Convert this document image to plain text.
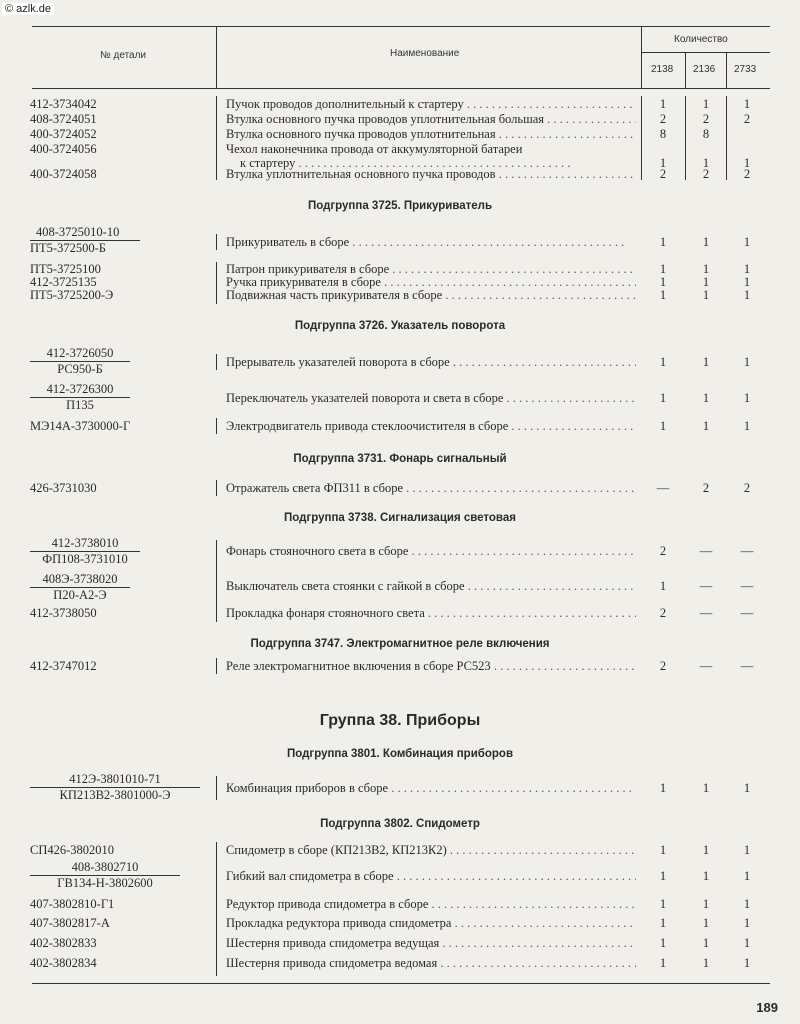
© azlk.de
№ детали	Наименование
Количество
2138 2136 2733
412-3734042	Пучок проводов дополнительный к стартеру . . .	1	1	1
408-3724051	Втулка основного пучка проводов уплотнительная большая . . .	2	2	2
400-3724052	Втулка основного пучка проводов уплотнительная . . .	8	8
400-3724056	Чехол наконечника провода от аккумуляторной батареи
к стартеру . . .	1	1	1
400-3724058	Втулка уплотнительная основного пучка проводов . . .	2	2	2
Подгруппа 3725. Прикуриватель
408-3725010-10
ПТ5-372500-Б	Прикуриватель в сборе . . .	1	1	1
ПТ5-3725100	Патрон прикуривателя в сборе . . .	1	1	1
412-3725135	Ручка прикуривателя в сборе . . .	1	1	1
ПТ5-3725200-Э	Подвижная часть прикуривателя в сборе . . .	1	1	1
Подгруппа 3726. Указатель поворота
412-3726050
РС950-Б	Прерыватель указателей поворота в сборе . . .	1	1	1
412-3726300
П135	Переключатель указателей поворота и света в сборе . . .	1	1	1
МЭ14А-3730000-Г	Электродвигатель привода стеклоочистителя в сборе . . .	1	1	1
Подгруппа 3731. Фонарь сигнальный
426-3731030	Отражатель света ФП311 в сборе . . .	—	2	2
Подгруппа 3738. Сигнализация световая
412-3738010
ФП108-3731010
Фонарь стояночного света в сборе . . .	2	—	—
408Э-3738020
П20-А2-Э
Выключатель света стоянки с гайкой в сборе . . .	1	—	—
412-3738050	Прокладка фонаря стояночного света . . .	2	—	—
Подгруппа 3747. Электромагнитное реле включения
412-3747012	Реле электромагнитное включения в сборе РС523 . . .	2	—	—
Группа 38. Приборы
Подгруппа 3801. Комбинация приборов
412Э-3801010-71
КП213В2-3801000-Э	Комбинация приборов в сборе . . .	1	1	1
Подгруппа 3802. Спидометр
СП426-3802010	Спидометр в сборе (КП213В2, КП213К2) . . .	1	1	1
408-3802710
ГВ134-Н-3802600	Гибкий вал спидометра в сборе . . .	1	1	1
407-3802810-Г1	Редуктор привода спидометра в сборе . . .	1	1	1
407-3802817-А	Прокладка редуктора привода спидометра . . .	1	1	1
402-3802833	Шестерня привода спидометра ведущая . . .	1	1	1
402-3802834	Шестерня привода спидометра ведомая . . .	1	1	1
189
